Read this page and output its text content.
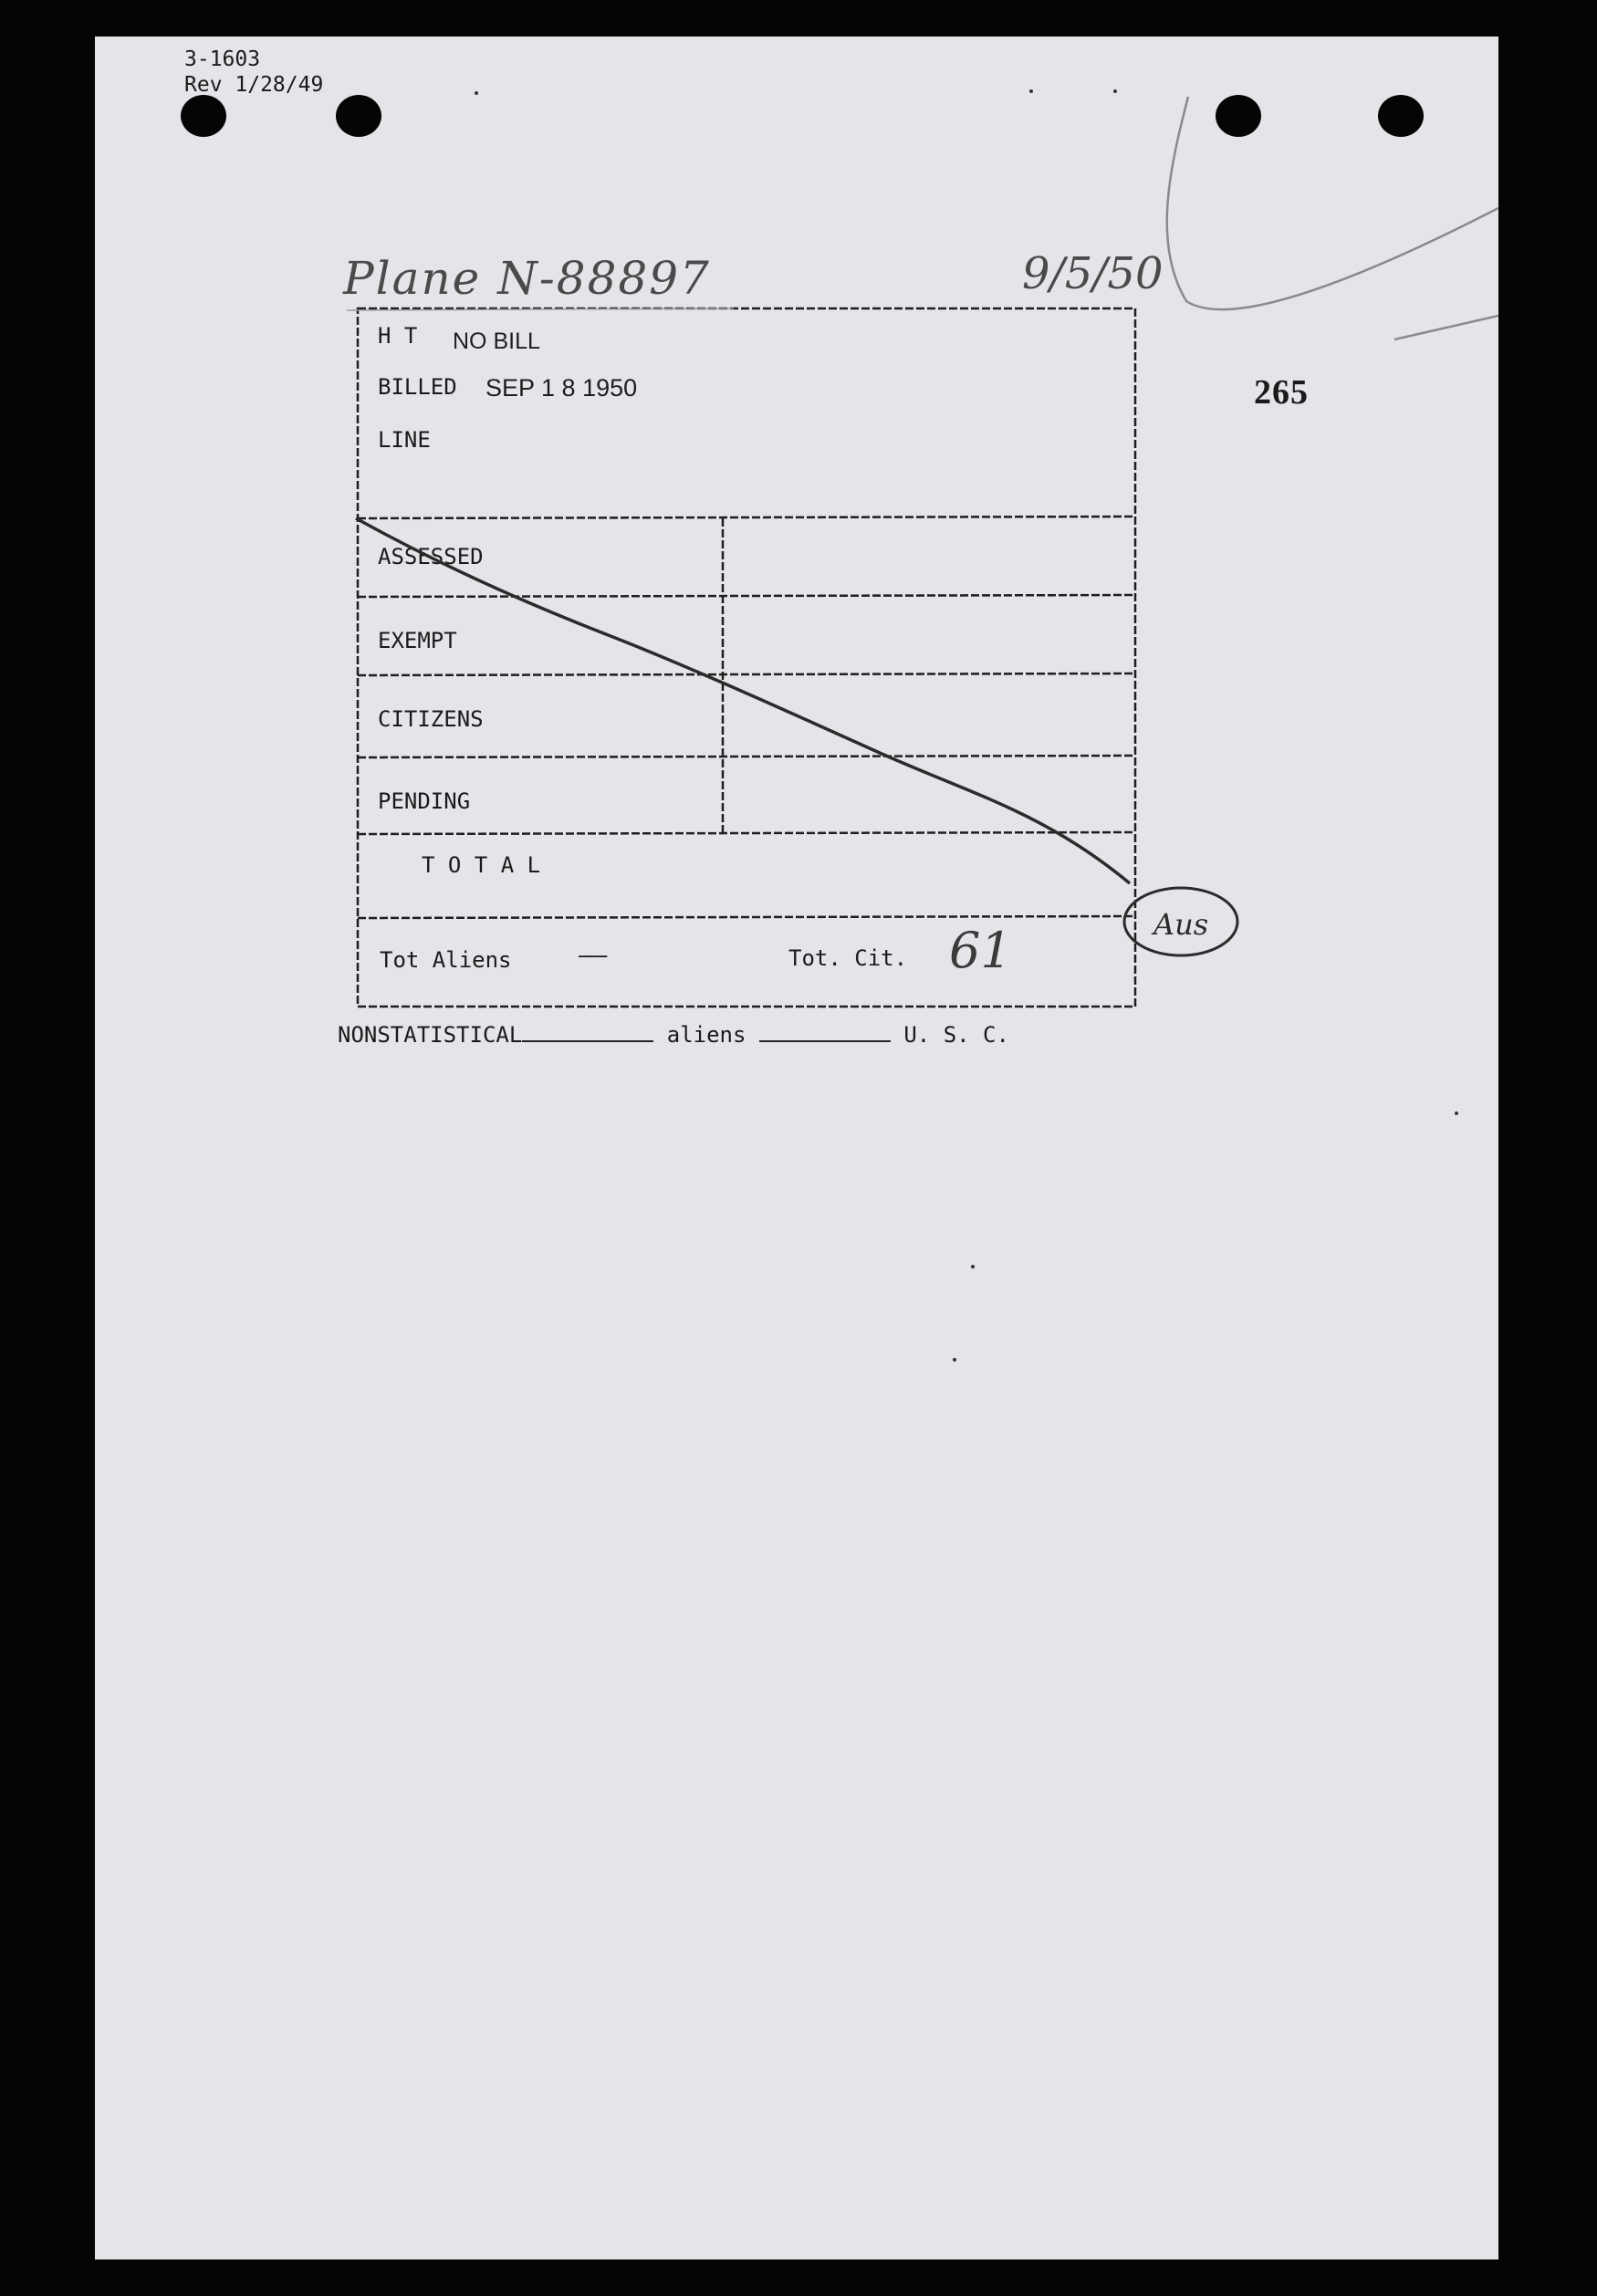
3-1603
Rev 1/28/49
Plane N-88897	9/5/50
265
H T NO BILL
BILLED SEP 1 8 1950
LINE
ASSESSED
EXEMPT
CITIZENS
PENDING
T O T A L
Tot Aliens	——	Tot. Cit. 61
NONSTATISTICAL	aliens	U. S. C.
Aus
